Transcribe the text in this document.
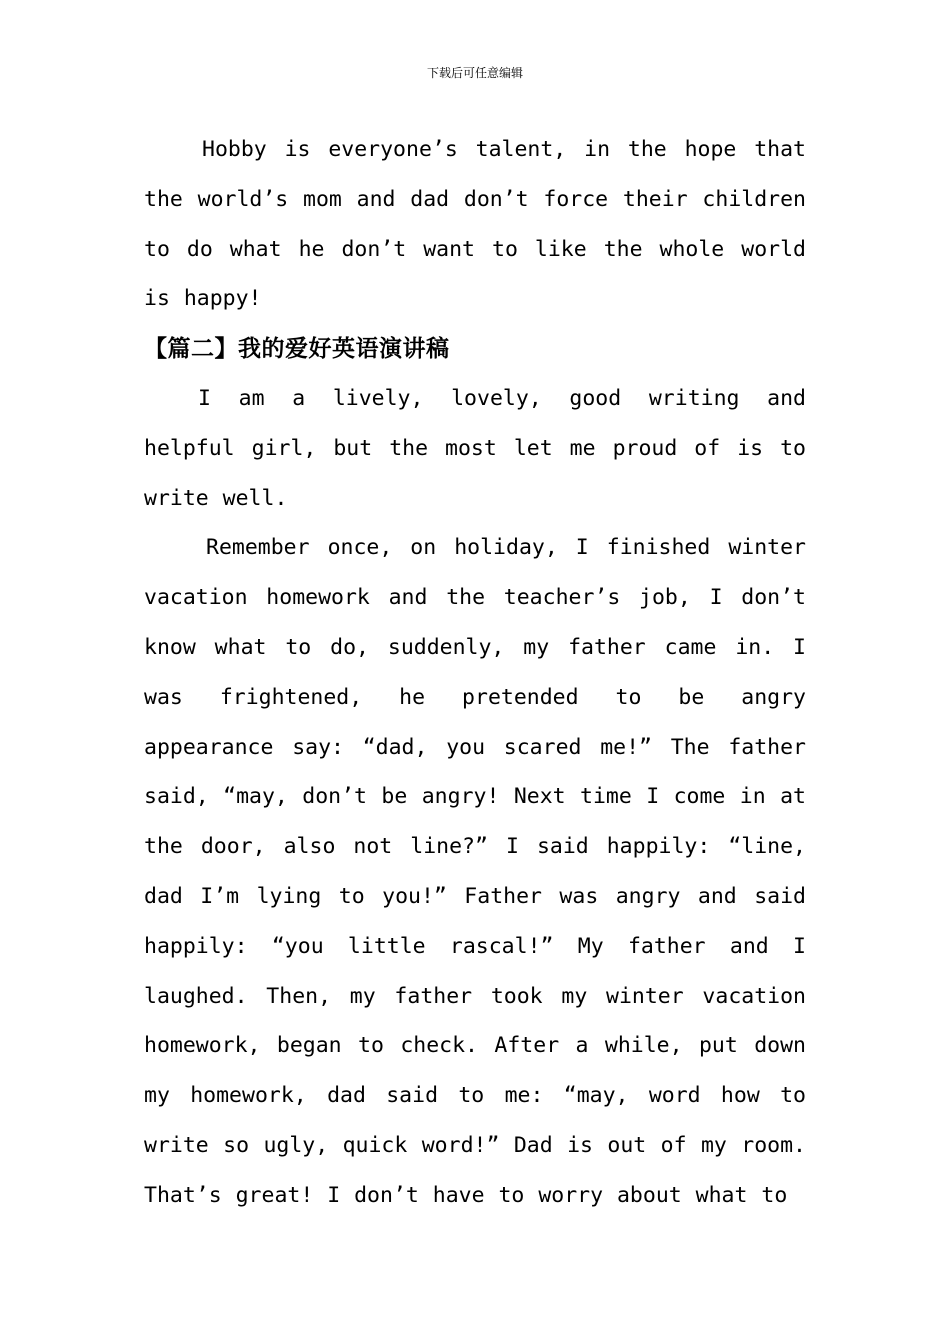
下载后可任意编辑

Hobby is everyone’s talent, in the hope that the world’s mom and dad don’t force their children to do what he don’t want to like the whole world is happy!

【篇二】我的爱好英语演讲稿

I am a lively, lovely, good writing and helpful girl, but the most let me proud of is to write well.

Remember once, on holiday, I finished winter vacation homework and the teacher’s job, I don’t know what to do, suddenly, my father came in. I was frightened, he pretended to be angry appearance say: “dad, you scared me!” The father said, “may, don’t be angry! Next time I come in at the door, also not line?” I said happily: “line, dad I’m lying to you!” Father was angry and said happily: “you little rascal!” My father and I laughed. Then, my father took my winter vacation homework, began to check. After a while, put down my homework, dad said to me: “may, word how to write so ugly, quick word!” Dad is out of my room. That’s great! I don’t have to worry about what to
